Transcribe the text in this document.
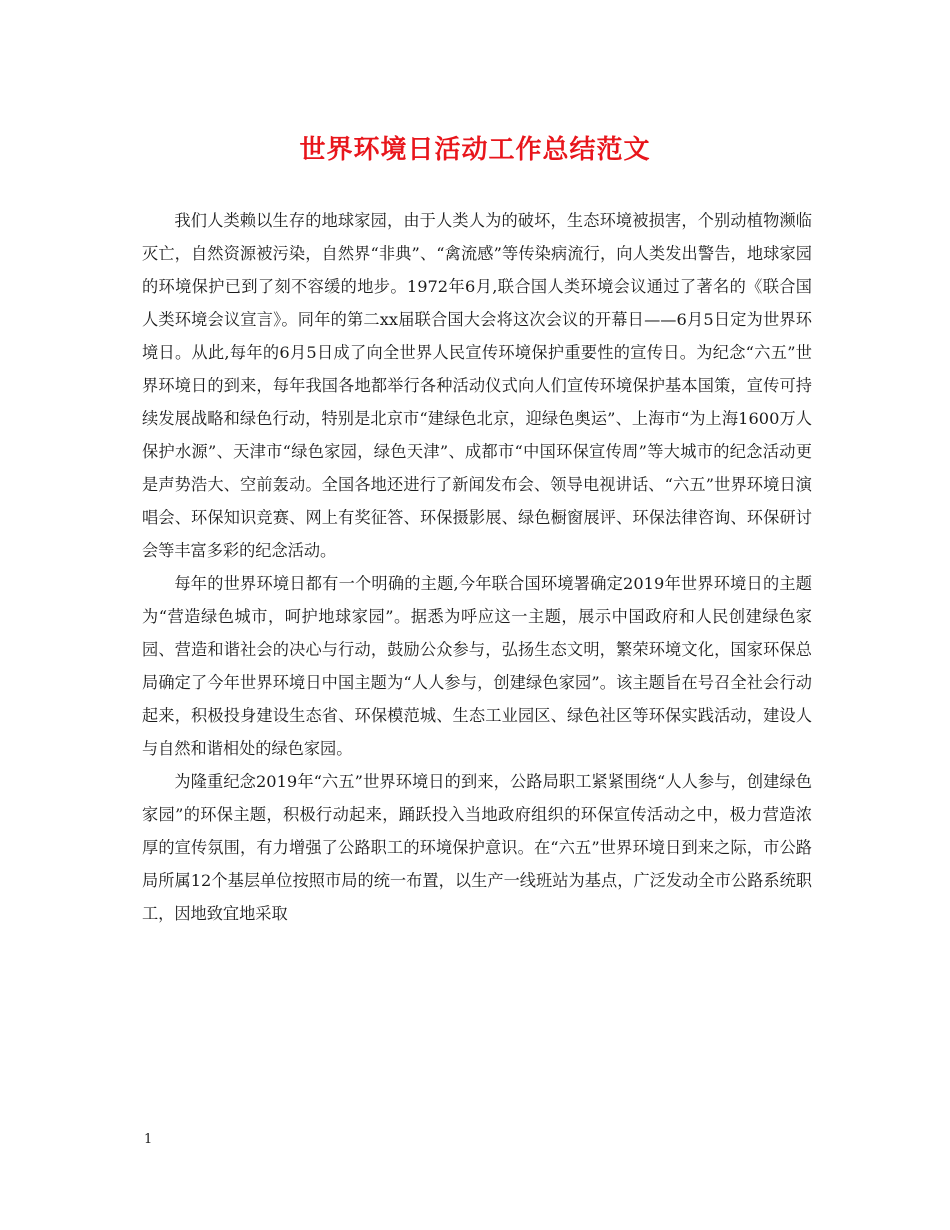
世界环境日活动工作总结范文

我们人类赖以生存的地球家园，由于人类人为的破坏，生态环境被损害，个别动植物濒临灭亡，自然资源被污染，自然界“非典”、“禽流感”等传染病流行，向人类发出警告，地球家园的环境保护已到了刻不容缓的地步。1972年6月,联合国人类环境会议通过了著名的《联合国人类环境会议宣言》。同年的第二xx届联合国大会将这次会议的开幕日——6月5日定为世界环境日。从此,每年的6月5日成了向全世界人民宣传环境保护重要性的宣传日。为纪念“六五”世界环境日的到来，每年我国各地都举行各种活动仪式向人们宣传环境保护基本国策，宣传可持续发展战略和绿色行动，特别是北京市“建绿色北京，迎绿色奥运”、上海市“为上海1600万人保护水源”、天津市“绿色家园，绿色天津”、成都市“中国环保宣传周”等大城市的纪念活动更是声势浩大、空前轰动。全国各地还进行了新闻发布会、领导电视讲话、“六五”世界环境日演唱会、环保知识竞赛、网上有奖征答、环保摄影展、绿色橱窗展评、环保法律咨询、环保研讨会等丰富多彩的纪念活动。

每年的世界环境日都有一个明确的主题,今年联合国环境署确定2019年世界环境日的主题为“营造绿色城市，呵护地球家园”。据悉为呼应这一主题，展示中国政府和人民创建绿色家园、营造和谐社会的决心与行动，鼓励公众参与，弘扬生态文明，繁荣环境文化，国家环保总局确定了今年世界环境日中国主题为“人人参与，创建绿色家园”。该主题旨在号召全社会行动起来，积极投身建设生态省、环保模范城、生态工业园区、绿色社区等环保实践活动，建设人与自然和谐相处的绿色家园。

为隆重纪念2019年“六五”世界环境日的到来，公路局职工紧紧围绕“人人参与，创建绿色家园”的环保主题，积极行动起来，踊跃投入当地政府组织的环保宣传活动之中，极力营造浓厚的宣传氛围，有力增强了公路职工的环境保护意识。在“六五”世界环境日到来之际，市公路局所属12个基层单位按照市局的统一布置，以生产一线班站为基点，广泛发动全市公路系统职工，因地致宜地采取

1
